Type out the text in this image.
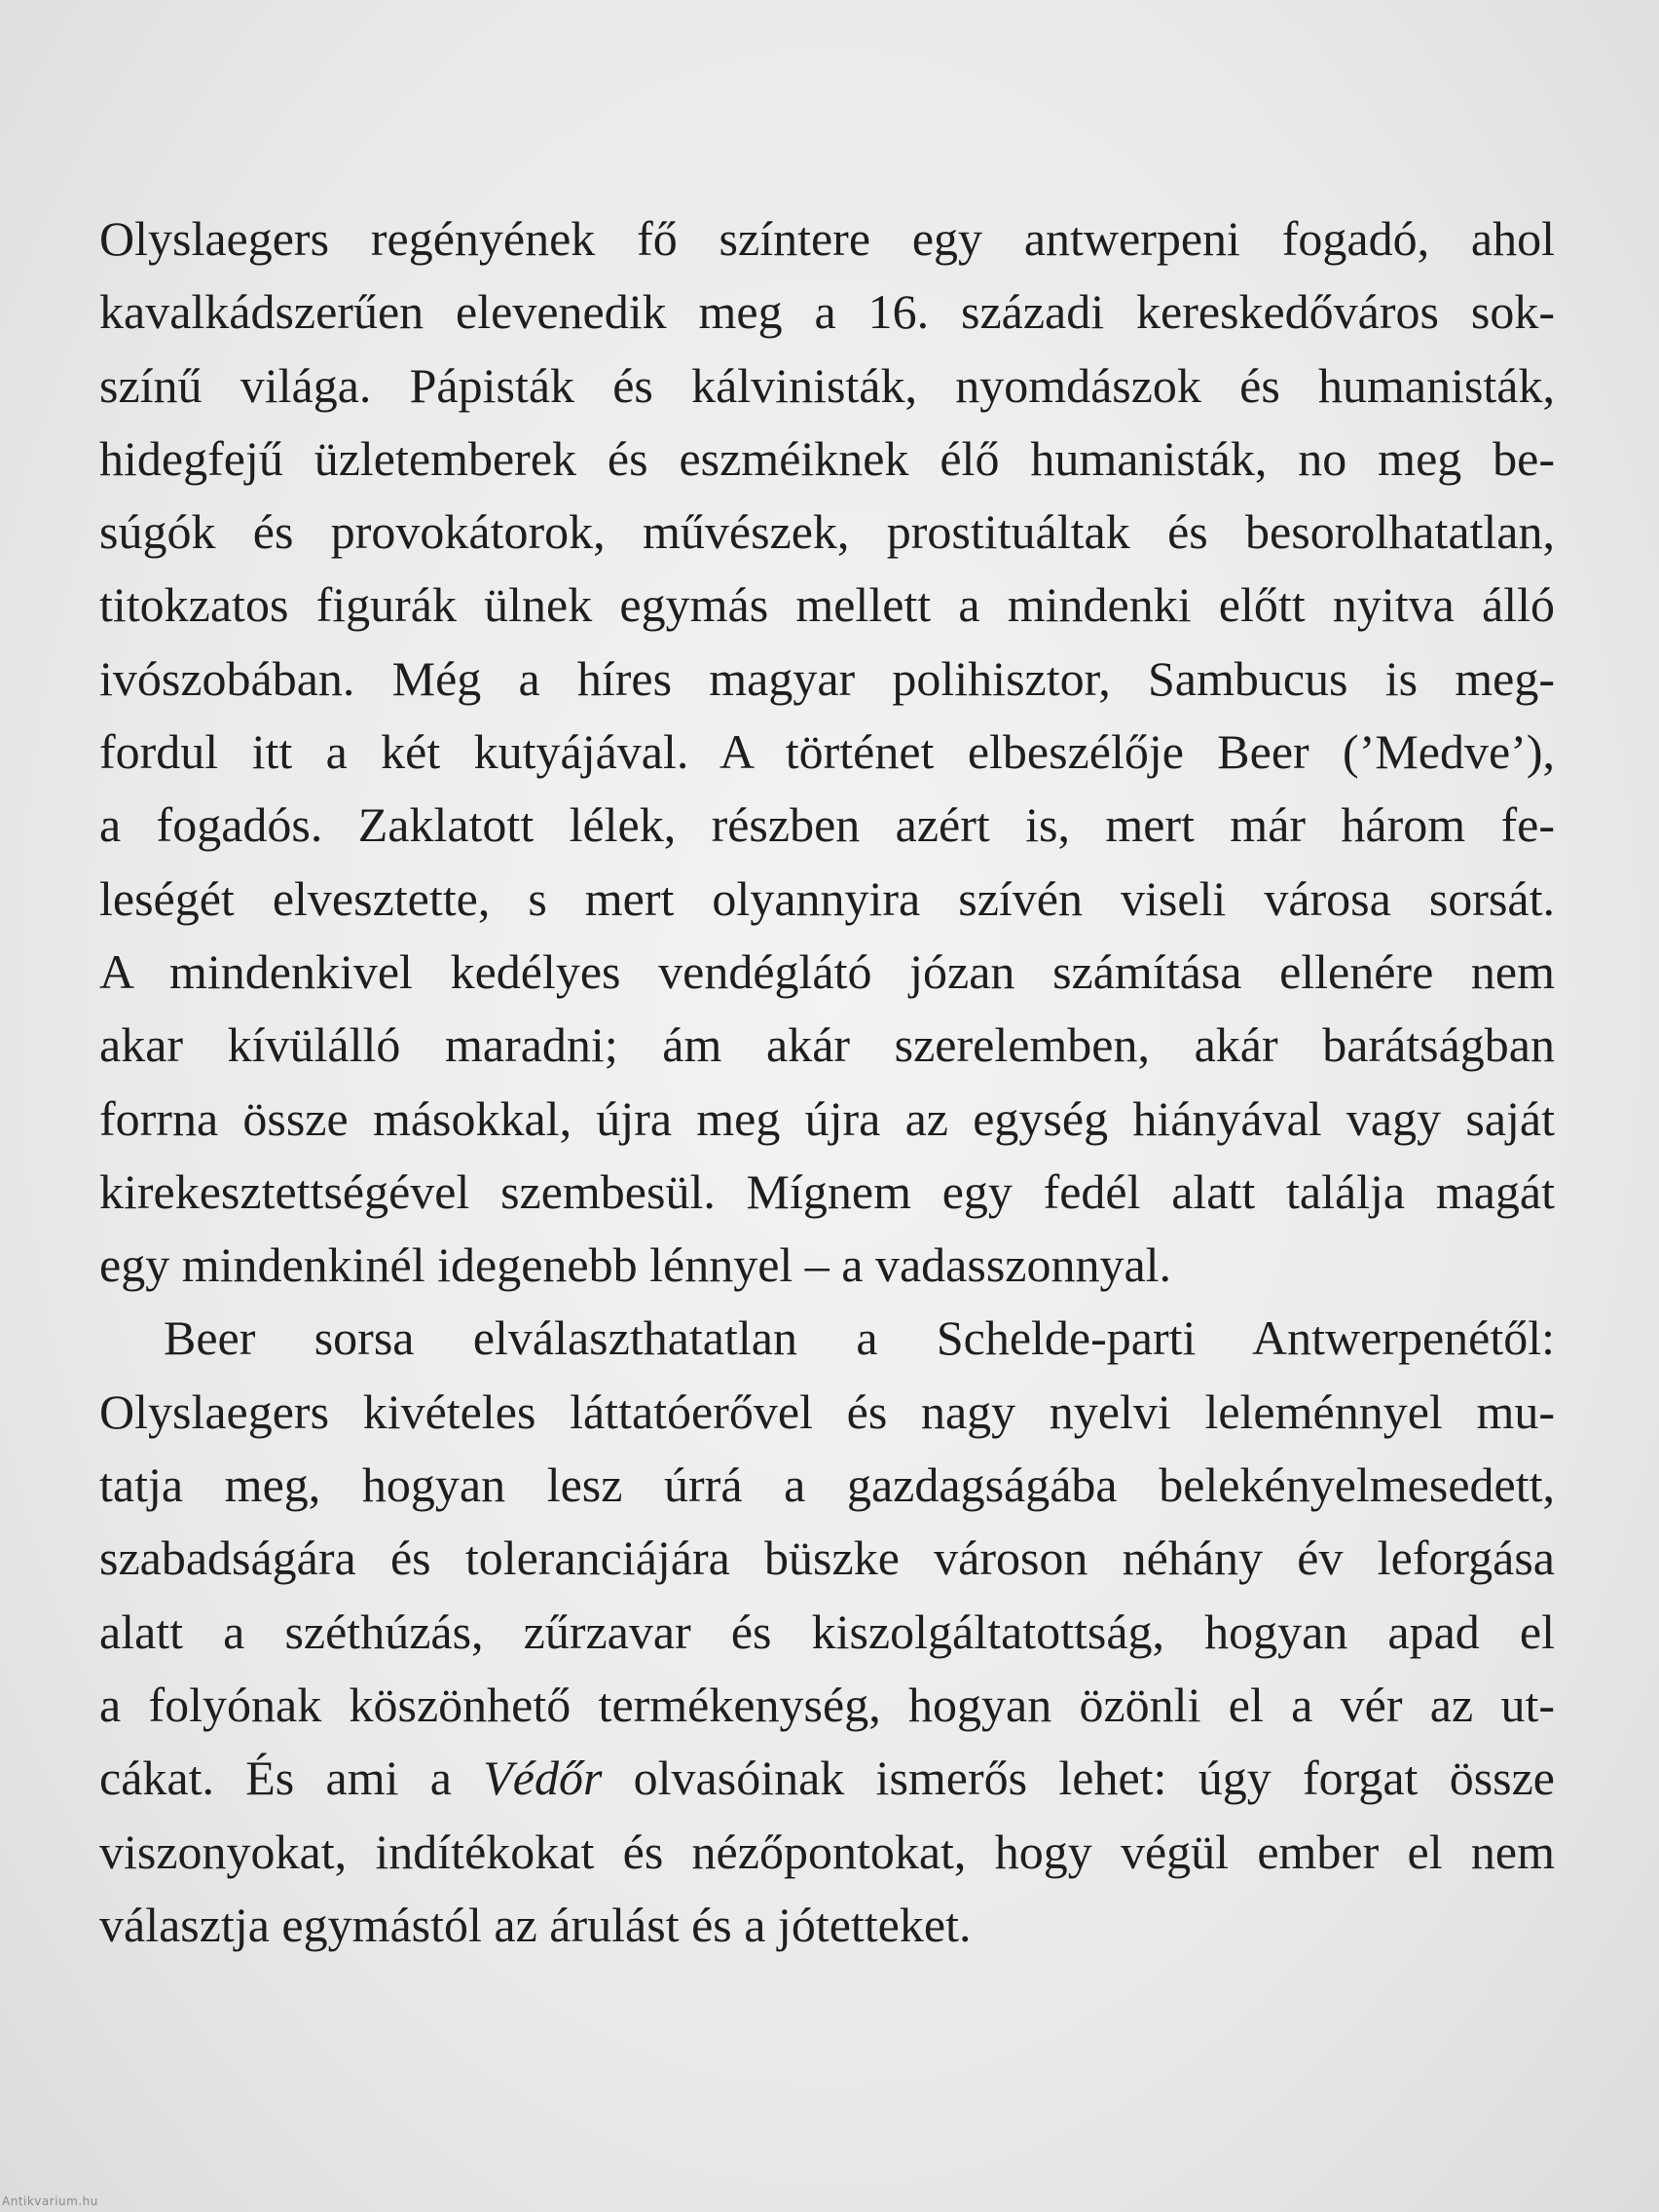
Olyslaegers regényének fő színtere egy antwerpeni fogadó, ahol
kavalkádszerűen elevenedik meg a 16. századi kereskedőváros sok-
színű világa. Pápisták és kálvinisták, nyomdászok és humanisták,
hidegfejű üzletemberek és eszméiknek élő humanisták, no meg be-
súgók és provokátorok, művészek, prostituáltak és besorolhatatlan,
titokzatos figurák ülnek egymás mellett a mindenki előtt nyitva álló
ivószobában. Még a híres magyar polihisztor, Sambucus is meg-
fordul itt a két kutyájával. A történet elbeszélője Beer (’Medve’),
a fogadós. Zaklatott lélek, részben azért is, mert már három fe-
leségét elvesztette, s mert olyannyira szívén viseli városa sorsát.
A mindenkivel kedélyes vendéglátó józan számítása ellenére nem
akar kívülálló maradni; ám akár szerelemben, akár barátságban
forrna össze másokkal, újra meg újra az egység hiányával vagy saját
kirekesztettségével szembesül. Mígnem egy fedél alatt találja magát
egy mindenkinél idegenebb lénnyel – a vadasszonnyal.
Beer sorsa elválaszthatatlan a Schelde-parti Antwerpenétől:
Olyslaegers kivételes láttatóerővel és nagy nyelvi leleménnyel mu-
tatja meg, hogyan lesz úrrá a gazdagságába belekényelmesedett,
szabadságára és toleranciájára büszke városon néhány év leforgása
alatt a széthúzás, zűrzavar és kiszolgáltatottság, hogyan apad el
a folyónak köszönhető termékenység, hogyan özönli el a vér az ut-
cákat. És ami a Védőr olvasóinak ismerős lehet: úgy forgat össze
viszonyokat, indítékokat és nézőpontokat, hogy végül ember el nem
választja egymástól az árulást és a jótetteket.
Antikvarium.hu
